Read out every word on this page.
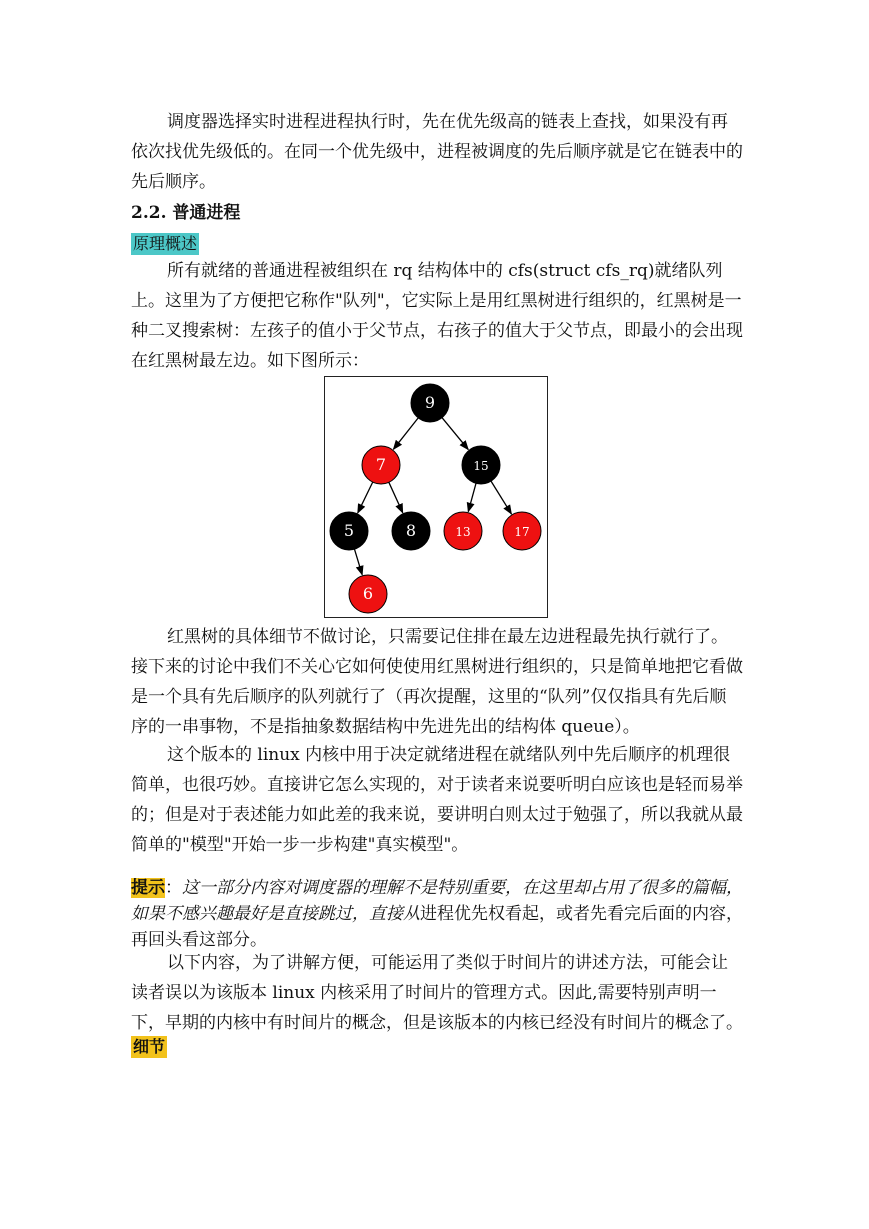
调度器选择实时进程进程执行时，先在优先级高的链表上查找，如果没有再依次找优先级低的。在同一个优先级中，进程被调度的先后顺序就是它在链表中的先后顺序。

2.2. 普通进程
原理概述

所有就绪的普通进程被组织在 rq 结构体中的 cfs(struct cfs_rq)就绪队列上。这里为了方便把它称作"队列"，它实际上是用红黑树进行组织的，红黑树是一种二叉搜索树：左孩子的值小于父节点，右孩子的值大于父节点，即最小的会出现在红黑树最左边。如下图所示：

9
7	15
5	8	13	17
6

红黑树的具体细节不做讨论，只需要记住排在最左边进程最先执行就行了。接下来的讨论中我们不关心它如何使使用红黑树进行组织的，只是简单地把它看做是一个具有先后顺序的队列就行了（再次提醒，这里的“队列”仅仅指具有先后顺序的一串事物，不是指抽象数据结构中先进先出的结构体 queue）。

这个版本的 linux 内核中用于决定就绪进程在就绪队列中先后顺序的机理很简单，也很巧妙。直接讲它怎么实现的，对于读者来说要听明白应该也是轻而易举的；但是对于表述能力如此差的我来说，要讲明白则太过于勉强了，所以我就从最简单的"模型"开始一步一步构建"真实模型"。

提示：这一部分内容对调度器的理解不是特别重要，在这里却占用了很多的篇幅，如果不感兴趣最好是直接跳过，直接从进程优先权看起，或者先看完后面的内容，再回头看这部分。

以下内容，为了讲解方便，可能运用了类似于时间片的讲述方法，可能会让读者误以为该版本 linux 内核采用了时间片的管理方式。因此,需要特别声明一下，早期的内核中有时间片的概念，但是该版本的内核已经没有时间片的概念了。

细节
